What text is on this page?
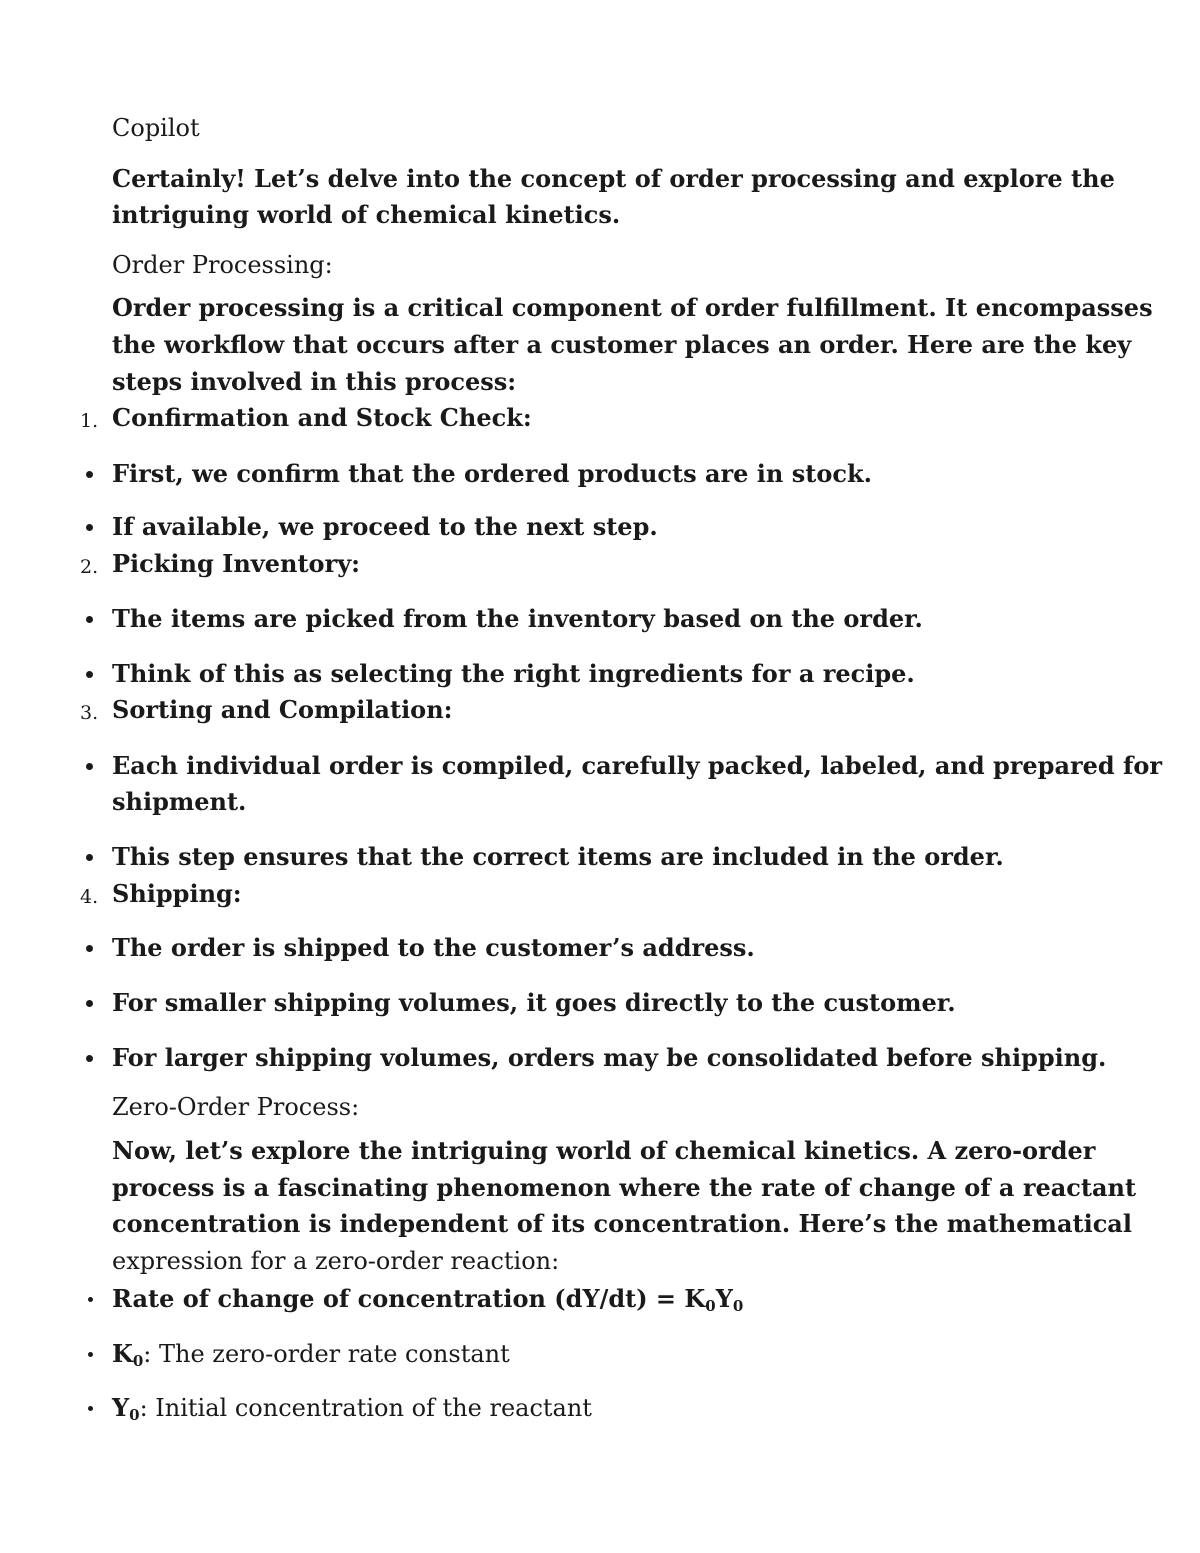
Copilot
Certainly! Let’s delve into the concept of order processing and explore the
intriguing world of chemical kinetics.
Order Processing:
Order processing is a critical component of order fulfillment. It encompasses
the workflow that occurs after a customer places an order. Here are the key
steps involved in this process:
1. Confirmation and Stock Check:
First, we confirm that the ordered products are in stock.
If available, we proceed to the next step.
2. Picking Inventory:
The items are picked from the inventory based on the order.
Think of this as selecting the right ingredients for a recipe.
3. Sorting and Compilation:
Each individual order is compiled, carefully packed, labeled, and prepared for
shipment.
This step ensures that the correct items are included in the order.
4. Shipping:
The order is shipped to the customer’s address.
For smaller shipping volumes, it goes directly to the customer.
For larger shipping volumes, orders may be consolidated before shipping.
Zero-Order Process:
Now, let’s explore the intriguing world of chemical kinetics. A zero-order
process is a fascinating phenomenon where the rate of change of a reactant
concentration is independent of its concentration. Here’s the mathematical
expression for a zero-order reaction:
Rate of change of concentration $(dY/dt) = K_0Y_0$
$K_0$: The zero-order rate constant
$Y_0$: Initial concentration of the reactant
